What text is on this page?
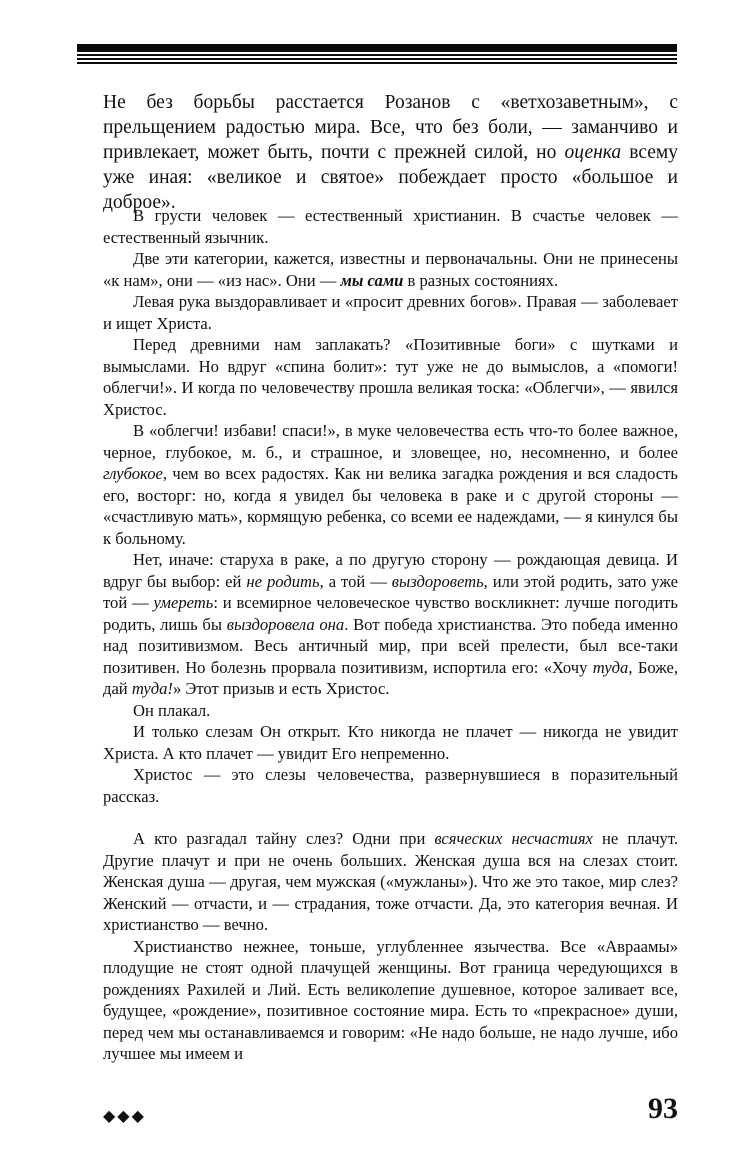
Не без борьбы расстается Розанов с «ветхозаветным», с прельщением радостью мира. Все, что без боли, — заманчиво и привлекает, может быть, почти с прежней силой, но оценка всему уже иная: «великое и святое» побеждает просто «большое и доброе».

В грусти человек — естественный христианин. В счастье человек — естественный язычник.

Две эти категории, кажется, известны и первоначальны. Они не принесены «к нам», они — «из нас». Они — мы сами в разных состояниях.

Левая рука выздоравливает и «просит древних богов». Правая — заболевает и ищет Христа.

Перед древними нам заплакать? «Позитивные боги» с шутками и вымыслами. Но вдруг «спина болит»: тут уже не до вымыслов, а «помоги! облегчи!». И когда по человечеству прошла великая тоска: «Облегчи», — явился Христос.

В «облегчи! избави! спаси!», в муке человечества есть что-то более важное, черное, глубокое, м. б., и страшное, и зловещее, но, несомненно, и более глубокое, чем во всех радостях. Как ни велика загадка рождения и вся сладость его, восторг: но, когда я увидел бы человека в раке и с другой стороны — «счастливую мать», кормящую ребенка, со всеми ее надеждами, — я кинулся бы к больному.

Нет, иначе: старуха в раке, а по другую сторону — рождающая девица. И вдруг бы выбор: ей не родить, а той — выздороветь, или этой родить, зато уже той — умереть: и всемирное человеческое чувство воскликнет: лучше погодить родить, лишь бы выздоровела она. Вот победа христианства. Это победа именно над позитивизмом. Весь античный мир, при всей прелести, был все-таки позитивен. Но болезнь прорвала позитивизм, испортила его: «Хочу туда, Боже, дай туда!» Этот призыв и есть Христос.

Он плакал.

И только слезам Он открыт. Кто никогда не плачет — никогда не увидит Христа. А кто плачет — увидит Его непременно.

Христос — это слезы человечества, развернувшиеся в поразительный рассказ.

А кто разгадал тайну слез? Одни при всяческих несчастиях не плачут. Другие плачут и при не очень больших. Женская душа вся на слезах стоит. Женская душа — другая, чем мужская («мужланы»). Что же это такое, мир слез? Женский — отчасти, и — страдания, тоже отчасти. Да, это категория вечная. И христианство — вечно.

Христианство нежнее, тоньше, углубленнее язычества. Все «Авраамы» плодущие не стоят одной плачущей женщины. Вот граница чередующихся в рождениях Рахилей и Лий. Есть великолепие душевное, которое заливает все, будущее, «рождение», позитивное состояние мира. Есть то «прекрасное» души, перед чем мы останавливаемся и говорим: «Не надо больше, не надо лучше, ибо лучшее мы имеем и

◆◆◆	93
